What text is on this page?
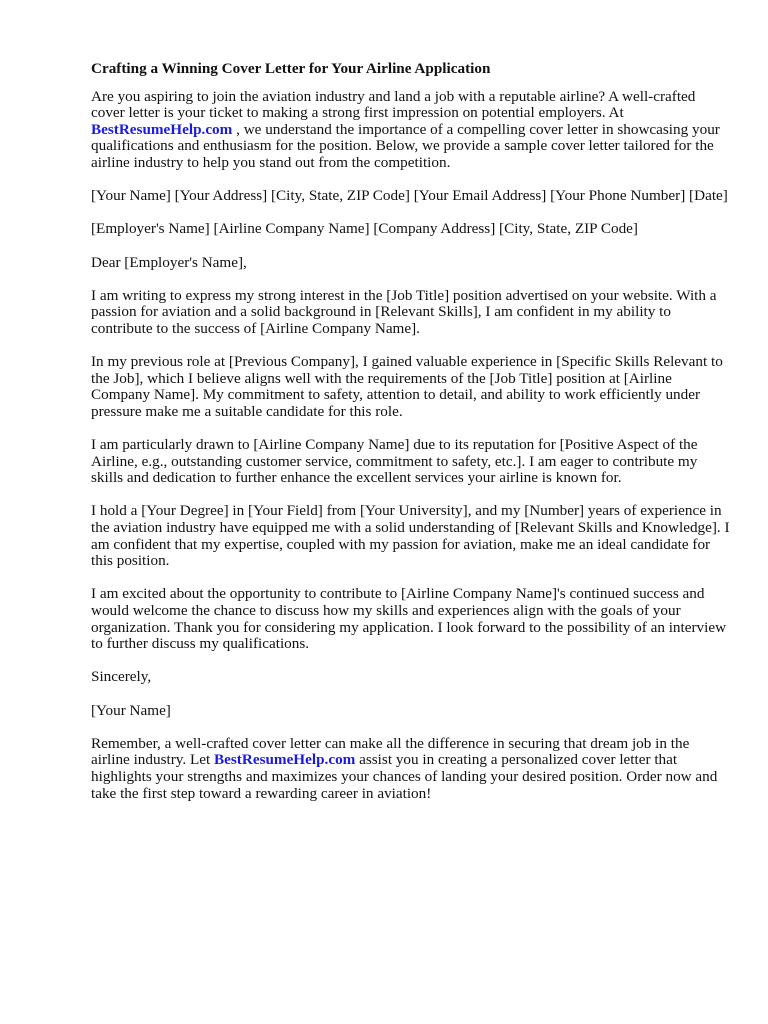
Crafting a Winning Cover Letter for Your Airline Application

Are you aspiring to join the aviation industry and land a job with a reputable airline? A well-crafted cover letter is your ticket to making a strong first impression on potential employers. At
BestResumeHelp.com , we understand the importance of a compelling cover letter in showcasing your qualifications and enthusiasm for the position. Below, we provide a sample cover letter tailored for the airline industry to help you stand out from the competition.

[Your Name] [Your Address] [City, State, ZIP Code] [Your Email Address] [Your Phone Number] [Date]

[Employer's Name] [Airline Company Name] [Company Address] [City, State, ZIP Code]

Dear [Employer's Name],

I am writing to express my strong interest in the [Job Title] position advertised on your website. With a passion for aviation and a solid background in [Relevant Skills], I am confident in my ability to contribute to the success of [Airline Company Name].

In my previous role at [Previous Company], I gained valuable experience in [Specific Skills Relevant to the Job], which I believe aligns well with the requirements of the [Job Title] position at [Airline Company Name]. My commitment to safety, attention to detail, and ability to work efficiently under pressure make me a suitable candidate for this role.

I am particularly drawn to [Airline Company Name] due to its reputation for [Positive Aspect of the Airline, e.g., outstanding customer service, commitment to safety, etc.]. I am eager to contribute my skills and dedication to further enhance the excellent services your airline is known for.

I hold a [Your Degree] in [Your Field] from [Your University], and my [Number] years of experience in the aviation industry have equipped me with a solid understanding of [Relevant Skills and Knowledge]. I am confident that my expertise, coupled with my passion for aviation, make me an ideal candidate for this position.

I am excited about the opportunity to contribute to [Airline Company Name]'s continued success and would welcome the chance to discuss how my skills and experiences align with the goals of your organization. Thank you for considering my application. I look forward to the possibility of an interview to further discuss my qualifications.

Sincerely,

[Your Name]

Remember, a well-crafted cover letter can make all the difference in securing that dream job in the airline industry. Let BestResumeHelp.com assist you in creating a personalized cover letter that highlights your strengths and maximizes your chances of landing your desired position. Order now and take the first step toward a rewarding career in aviation!
